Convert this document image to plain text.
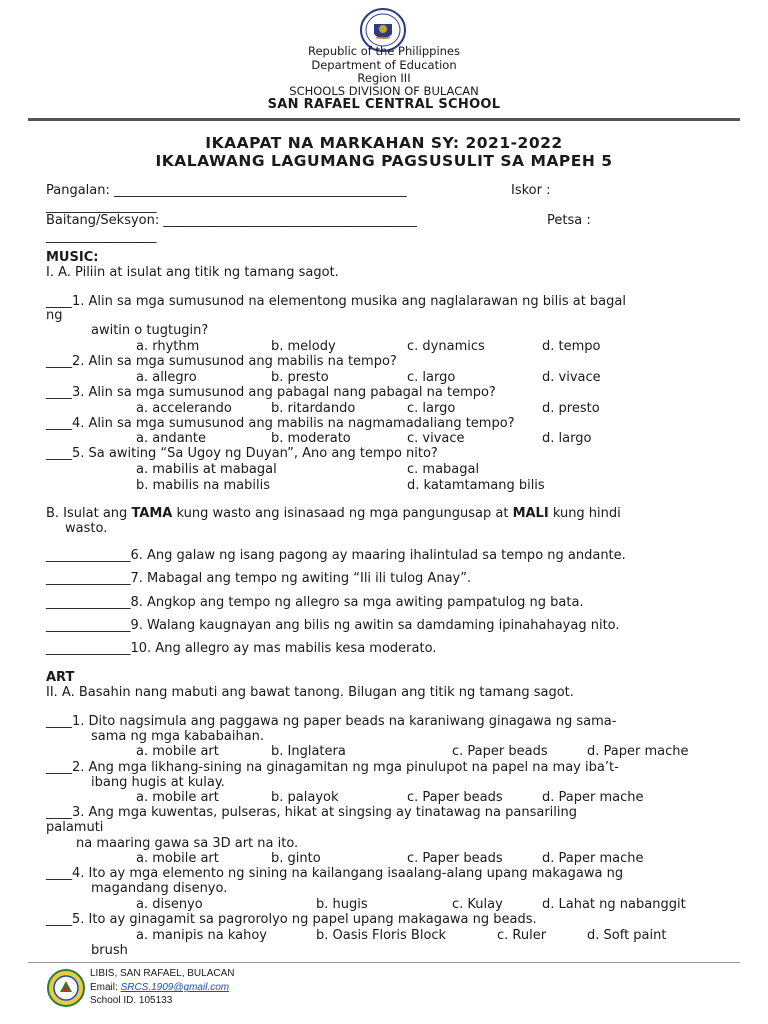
Republic of the Philippines
Department of Education
Region III
SCHOOLS DIVISION OF BULACAN
SAN RAFAEL CENTRAL SCHOOL
IKAAPAT NA MARKAHAN SY: 2021-2022
IKALAWANG LAGUMANG PAGSUSULIT SA MAPEH 5
Pangalan: _____________________________________________	Iskor :
_________________
Baitang/Seksyon: _______________________________________	Petsa :
_________________
MUSIC:
I. A. Piliin at isulat ang titik ng tamang sagot.
____1. Alin sa mga sumusunod na elementong musika ang naglalarawan ng bilis at bagal
ng
awitin o tugtugin?
a. rhythm	b. melody	c. dynamics	d. tempo
____2. Alin sa mga sumusunod ang mabilis na tempo?
a. allegro	b. presto	c. largo	d. vivace
____3. Alin sa mga sumusunod ang pabagal nang pabagal na tempo?
a. accelerando	b. ritardando	c. largo	d. presto
____4. Alin sa mga sumusunod ang mabilis na nagmamadaliang tempo?
a. andante	b. moderato	c. vivace	d. largo
____5. Sa awiting “Sa Ugoy ng Duyan”, Ano ang tempo nito?
a. mabilis at mabagal	c. mabagal
b. mabilis na mabilis	d. katamtamang bilis
B. Isulat ang TAMA kung wasto ang isinasaad ng mga pangungusap at MALI kung hindi
wasto.
_____________6. Ang galaw ng isang pagong ay maaring ihalintulad sa tempo ng andante.
_____________7. Mabagal ang tempo ng awiting “Ili ili tulog Anay”.
_____________8. Angkop ang tempo ng allegro sa mga awiting pampatulog ng bata.
_____________9. Walang kaugnayan ang bilis ng awitin sa damdaming ipinahahayag nito.
_____________10. Ang allegro ay mas mabilis kesa moderato.
ART
II. A. Basahin nang mabuti ang bawat tanong. Bilugan ang titik ng tamang sagot.
____1. Dito nagsimula ang paggawa ng paper beads na karaniwang ginagawa ng sama-
sama ng mga kababaihan.
a. mobile art	b. Inglatera	c. Paper beads	d. Paper mache
____2. Ang mga likhang-sining na ginagamitan ng mga pinulupot na papel na may iba’t-
ibang hugis at kulay.
a. mobile art	b. palayok	c. Paper beads	d. Paper mache
____3. Ang mga kuwentas, pulseras, hikat at singsing ay tinatawag na pansariling
palamuti
na maaring gawa sa 3D art na ito.
a. mobile art	b. ginto	c. Paper beads	d. Paper mache
____4. Ito ay mga elemento ng sining na kailangang isaalang-alang upang makagawa ng
magandang disenyo.
a. disenyo	b. hugis	c. Kulay	d. Lahat ng nabanggit
____5. Ito ay ginagamit sa pagrorolyo ng papel upang makagawa ng beads.
a. manipis na kahoy	b. Oasis Floris Block	c. Ruler	d. Soft paint
brush
LIBIS, SAN RAFAEL, BULACAN
Email: SRCS.1909@gmail.com
School ID. 105133
